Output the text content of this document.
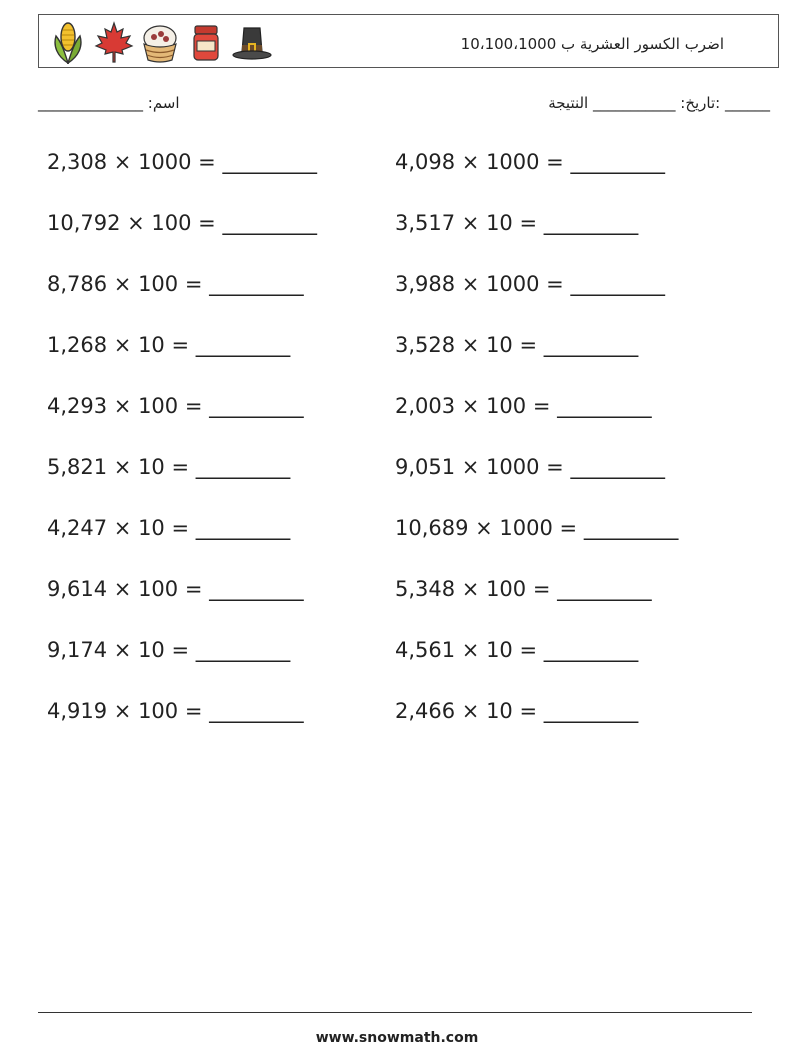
اضرب الكسور العشرية ب 10،100،1000
______________ :اسم	______ :تاريخ: ___________ النتيجة
2,308 × 1000 = _________
10,792 × 100 = _________
8,786 × 100 = _________
1,268 × 10 = _________
4,293 × 100 = _________
5,821 × 10 = _________
4,247 × 10 = _________
9,614 × 100 = _________
9,174 × 10 = _________
4,919 × 100 = _________
4,098 × 1000 = _________
3,517 × 10 = _________
3,988 × 1000 = _________
3,528 × 10 = _________
2,003 × 100 = _________
9,051 × 1000 = _________
10,689 × 1000 = _________
5,348 × 100 = _________
4,561 × 10 = _________
2,466 × 10 = _________
www.snowmath.com
